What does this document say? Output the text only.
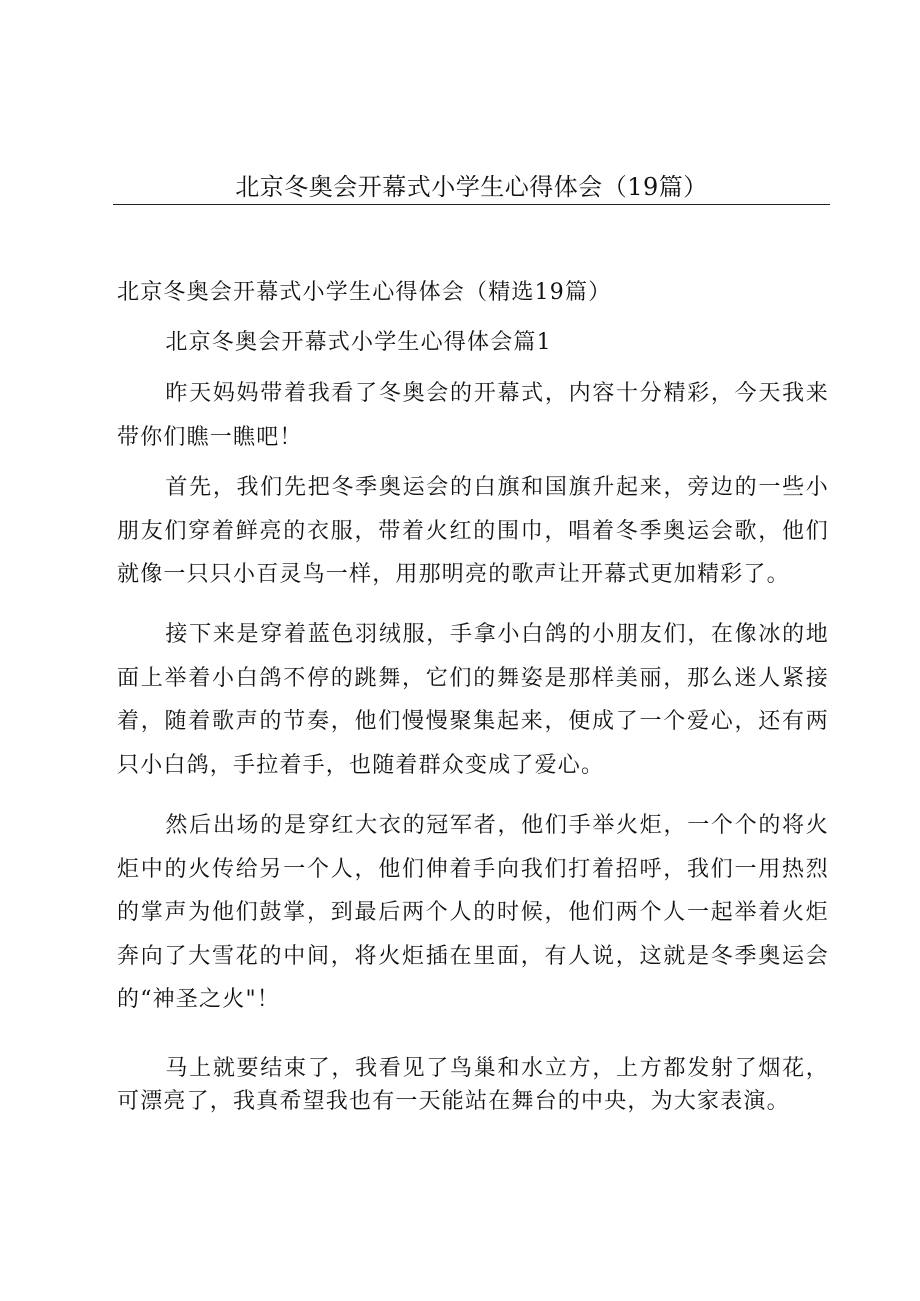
北京冬奥会开幕式小学生心得体会（19篇）

北京冬奥会开幕式小学生心得体会（精选19篇）

北京冬奥会开幕式小学生心得体会篇1

昨天妈妈带着我看了冬奥会的开幕式，内容十分精彩，今天我来带你们瞧一瞧吧！

首先，我们先把冬季奥运会的白旗和国旗升起来，旁边的一些小朋友们穿着鲜亮的衣服，带着火红的围巾，唱着冬季奥运会歌，他们就像一只只小百灵鸟一样，用那明亮的歌声让开幕式更加精彩了。

接下来是穿着蓝色羽绒服，手拿小白鸽的小朋友们，在像冰的地面上举着小白鸽不停的跳舞，它们的舞姿是那样美丽，那么迷人紧接着，随着歌声的节奏，他们慢慢聚集起来，便成了一个爱心，还有两只小白鸽，手拉着手，也随着群众变成了爱心。

然后出场的是穿红大衣的冠军者，他们手举火炬，一个个的将火炬中的火传给另一个人，他们伸着手向我们打着招呼，我们一用热烈的掌声为他们鼓掌，到最后两个人的时候，他们两个人一起举着火炬奔向了大雪花的中间，将火炬插在里面，有人说，这就是冬季奥运会的“神圣之火"！

马上就要结束了，我看见了鸟巢和水立方，上方都发射了烟花，可漂亮了，我真希望我也有一天能站在舞台的中央，为大家表演。
